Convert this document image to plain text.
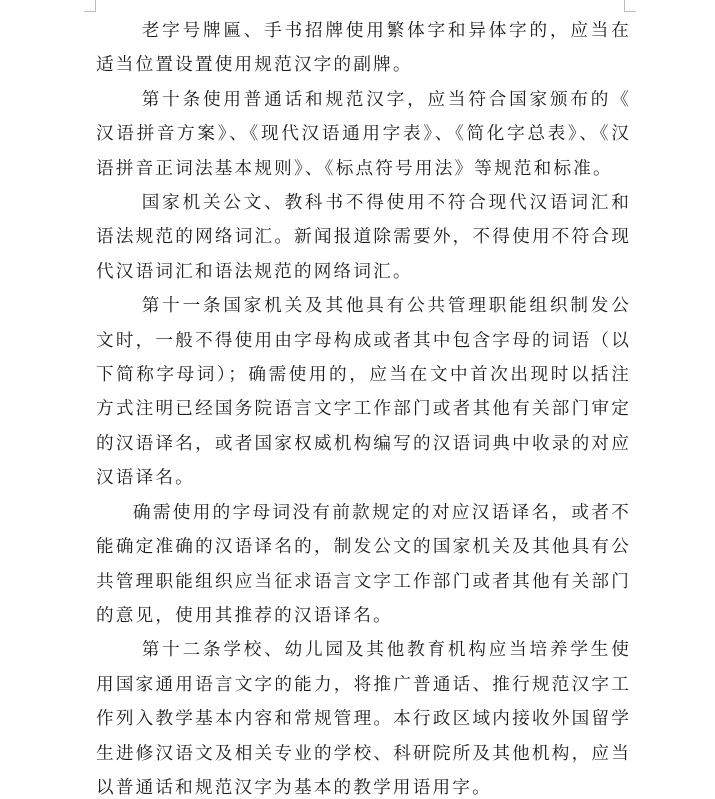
老字号牌匾、手书招牌使用繁体字和异体字的，应当在适当位置设置使用规范汉字的副牌。

第十条使用普通话和规范汉字，应当符合国家颁布的《汉语拼音方案》、《现代汉语通用字表》、《简化字总表》、《汉语拼音正词法基本规则》、《标点符号用法》等规范和标准。

国家机关公文、教科书不得使用不符合现代汉语词汇和语法规范的网络词汇。新闻报道除需要外，不得使用不符合现代汉语词汇和语法规范的网络词汇。

第十一条国家机关及其他具有公共管理职能组织制发公文时，一般不得使用由字母构成或者其中包含字母的词语（以下简称字母词）；确需使用的，应当在文中首次出现时以括注方式注明已经国务院语言文字工作部门或者其他有关部门审定的汉语译名，或者国家权威机构编写的汉语词典中收录的对应汉语译名。

确需使用的字母词没有前款规定的对应汉语译名，或者不能确定准确的汉语译名的，制发公文的国家机关及其他具有公共管理职能组织应当征求语言文字工作部门或者其他有关部门的意见，使用其推荐的汉语译名。

第十二条学校、幼儿园及其他教育机构应当培养学生使用国家通用语言文字的能力，将推广普通话、推行规范汉字工作列入教学基本内容和常规管理。本行政区域内接收外国留学生进修汉语文及相关专业的学校、科研院所及其他机构，应当以普通话和规范汉字为基本的教学用语用字。
